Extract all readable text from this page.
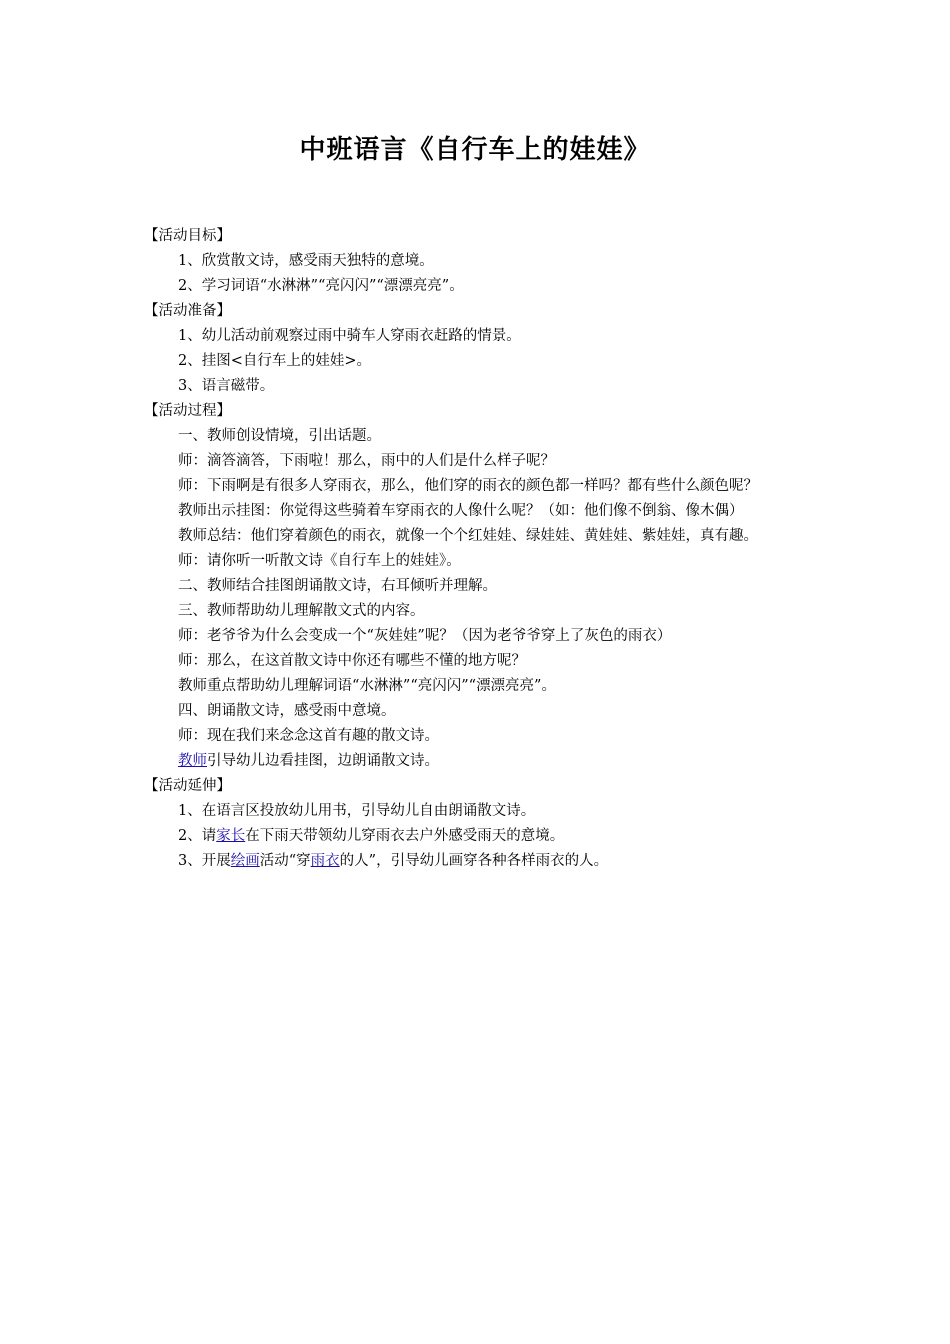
中班语言《自行车上的娃娃》

【活动目标】

1、欣赏散文诗，感受雨天独特的意境。

2、学习词语“水淋淋”“亮闪闪”“漂漂亮亮”。

【活动准备】

1、幼儿活动前观察过雨中骑车人穿雨衣赶路的情景。

2、挂图<自行车上的娃娃>。

3、语言磁带。

【活动过程】

一、教师创设情境，引出话题。

师：滴答滴答，下雨啦！那么，雨中的人们是什么样子呢？

师：下雨啊是有很多人穿雨衣，那么，他们穿的雨衣的颜色都一样吗？都有些什么颜色呢？

教师出示挂图：你觉得这些骑着车穿雨衣的人像什么呢？（如：他们像不倒翁、像木偶）

教师总结：他们穿着颜色的雨衣，就像一个个红娃娃、绿娃娃、黄娃娃、紫娃娃，真有趣。

师：请你听一听散文诗《自行车上的娃娃》。

二、教师结合挂图朗诵散文诗，右耳倾听并理解。

三、教师帮助幼儿理解散文式的内容。

师：老爷爷为什么会变成一个“灰娃娃”呢？（因为老爷爷穿上了灰色的雨衣）

师：那么，在这首散文诗中你还有哪些不懂的地方呢？

教师重点帮助幼儿理解词语“水淋淋”“亮闪闪”“漂漂亮亮”。

四、朗诵散文诗，感受雨中意境。

师：现在我们来念念这首有趣的散文诗。

教师引导幼儿边看挂图，边朗诵散文诗。

【活动延伸】

1、在语言区投放幼儿用书，引导幼儿自由朗诵散文诗。

2、请家长在下雨天带领幼儿穿雨衣去户外感受雨天的意境。

3、开展绘画活动“穿雨衣的人”，引导幼儿画穿各种各样雨衣的人。
